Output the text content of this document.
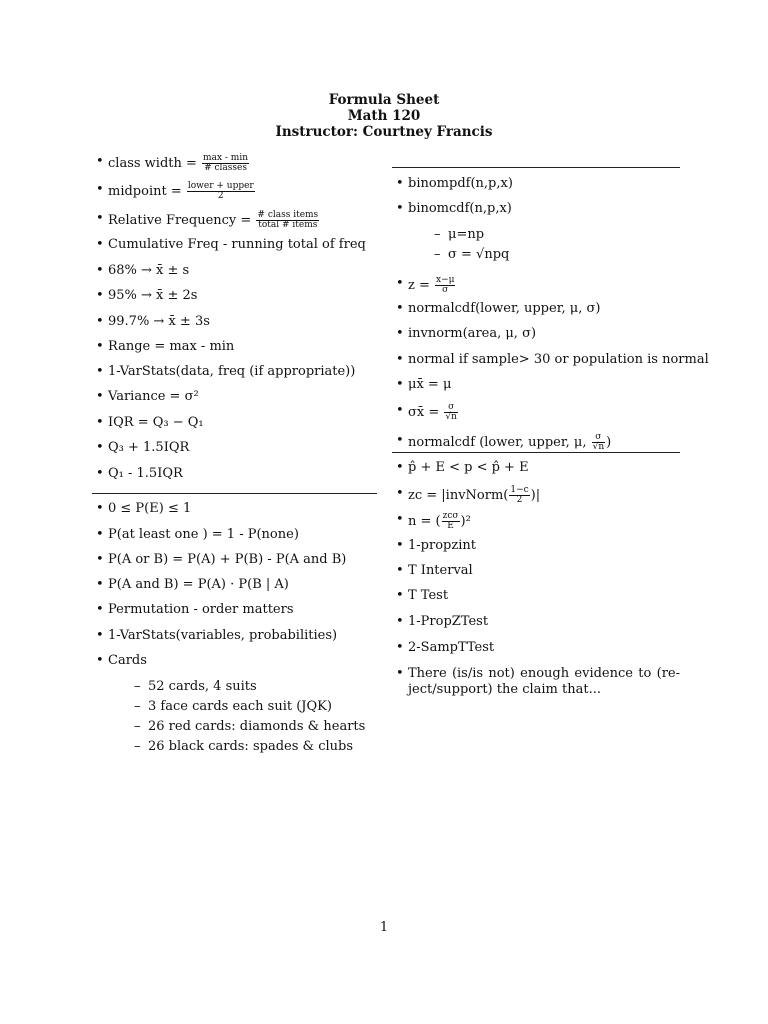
Formula Sheet
Math 120
Instructor: Courtney Francis
• class width = $\frac{\max - \min}{\text{\# classes}}$
• midpoint = $\frac{\text{lower + upper}}{2}$
• Relative Frequency = $\frac{\text{\# class items}}{\text{total \# items}}$
• Cumulative Freq - running total of freq
• 68% → x̄ ± s
• 95% → x̄ ± 2s
• 99.7% → x̄ ± 3s
• Range = max - min
• 1-VarStats(data, freq (if appropriate))
• Variance = σ²
• IQR = Q₃ − Q₁
• Q₃ + 1.5IQR
• Q₁ - 1.5IQR
• 0 ≤ P(E) ≤ 1
• P(at least one ) = 1 - P(none)
• P(A or B) = P(A) + P(B) - P(A and B)
• P(A and B) = P(A) · P(B | A)
• Permutation - order matters
• 1-VarStats(variables, probabilities)
• Cards
– 52 cards, 4 suits
– 3 face cards each suit (JQK)
– 26 red cards: diamonds & hearts
– 26 black cards: spades & clubs
• binompdf(n,p,x)
• binomcdf(n,p,x)
– μ=np
– σ = √npq
• $z = \frac{x-\mu}{\sigma}$
• normalcdf(lower, upper, μ, σ)
• invnorm(area, μ, σ)
• normal if sample> 30 or population is normal
• μx̄ = μ
• σx̄ = $\frac{\sigma}{√n}$
• normalcdf (lower, upper, μ, $\frac{\sigma}{√n}$ )
• p̂ + E < p < p̂ + E
• zc = |invNorm( $\frac{1-c}{2}$ )|
• n = ( $\frac{\text{zcσ}}{E} )^2$
• 1-propzint
• T Interval
• T Test
• 1-PropZTest
• 2-SampTTest
• There (is/is not) enough evidence to (re-ject/support) the claim that...
1
